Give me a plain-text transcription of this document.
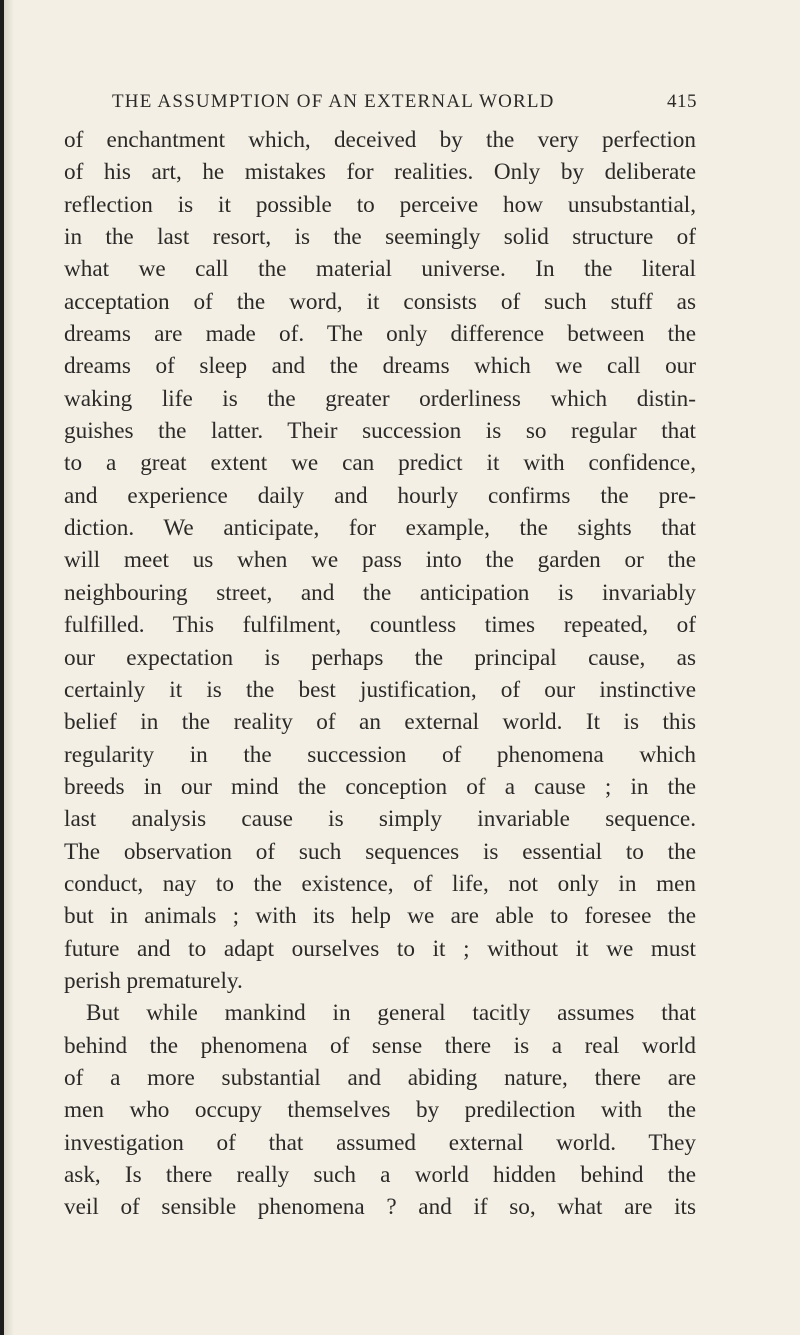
THE ASSUMPTION OF AN EXTERNAL WORLD	415
of enchantment which, deceived by the very perfection
of his art, he mistakes for realities. Only by deliberate
reflection is it possible to perceive how unsubstantial,
in the last resort, is the seemingly solid structure of
what we call the material universe. In the literal
acceptation of the word, it consists of such stuff as
dreams are made of. The only difference between the
dreams of sleep and the dreams which we call our
waking life is the greater orderliness which distin-
guishes the latter. Their succession is so regular that
to a great extent we can predict it with confidence,
and experience daily and hourly confirms the pre-
diction. We anticipate, for example, the sights that
will meet us when we pass into the garden or the
neighbouring street, and the anticipation is invariably
fulfilled. This fulfilment, countless times repeated, of
our expectation is perhaps the principal cause, as
certainly it is the best justification, of our instinctive
belief in the reality of an external world. It is this
regularity in the succession of phenomena which
breeds in our mind the conception of a cause ; in the
last analysis cause is simply invariable sequence.
The observation of such sequences is essential to the
conduct, nay to the existence, of life, not only in men
but in animals ; with its help we are able to foresee the
future and to adapt ourselves to it ; without it we must
perish prematurely.
But while mankind in general tacitly assumes that
behind the phenomena of sense there is a real world
of a more substantial and abiding nature, there are
men who occupy themselves by predilection with the
investigation of that assumed external world. They
ask, Is there really such a world hidden behind the
veil of sensible phenomena ? and if so, what are its
